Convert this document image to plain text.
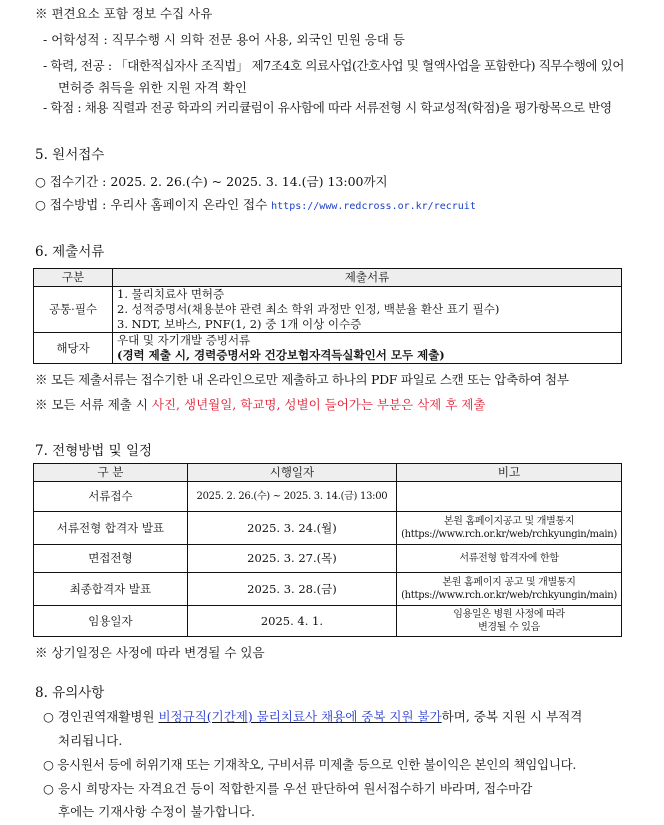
※ 편견요소 포함 정보 수집 사유
- 어학성적 : 직무수행 시 의학 전문 용어 사용, 외국인 민원 응대 등
- 학력, 전공 : 「대한적십자사 조직법」 제7조4호 의료사업(간호사업 및 혈액사업을 포함한다) 직무수행에 있어
면허증 취득을 위한 지원 자격 확인
- 학점 : 채용 직렬과 전공 학과의 커리큘럼이 유사함에 따라 서류전형 시 학교성적(학점)을 평가항목으로 반영
5. 원서접수
○ 접수기간 : 2025. 2. 26.(수) ~ 2025. 3. 14.(금) 13:00까지
○ 접수방법 : 우리사 홈페이지 온라인 접수 https://www.redcross.or.kr/recruit
6. 제출서류
구분	제출서류
공통·필수	1. 물리치료사 면허증
2. 성적증명서(채용분야 관련 최소 학위 과정만 인정, 백분율 환산 표기 필수)
3. NDT, 보바스, PNF(1, 2) 중 1개 이상 이수증

해당자	우대 및 자기개발 증빙서류
(경력 제출 시, 경력증명서와 건강보험자격득실확인서 모두 제출)
※ 모든 제출서류는 접수기한 내 온라인으로만 제출하고 하나의 PDF 파일로 스캔 또는 압축하여 첨부
※ 모든 서류 제출 시 사진, 생년월일, 학교명, 성별이 들어가는 부분은 삭제 후 제출
7. 전형방법 및 일정
구 분	시행일자	비고
서류접수	2025. 2. 26.(수) ~ 2025. 3. 14.(금) 13:00	
서류전형 합격자 발표	2025. 3. 24.(월)	본원 홈페이지공고 및 개별통지
(https://www.rch.or.kr/web/rchkyungin/main)

면접전형	2025. 3. 27.(목)	서류전형 합격자에 한함
최종합격자 발표	2025. 3. 28.(금)	본원 홈페이지 공고 및 개별통지
(https://www.rch.or.kr/web/rchkyungin/main)

임용일자	2025. 4. 1.	임용일은 병원 사정에 따라
변경될 수 있음
※ 상기일정은 사정에 따라 변경될 수 있음
8. 유의사항
○ 경인권역재활병원 비정규직(기간제) 물리치료사 채용에 중복 지원 불가하며, 중복 지원 시 부적격
처리됩니다.
○ 응시원서 등에 허위기재 또는 기재착오, 구비서류 미제출 등으로 인한 불이익은 본인의 책임입니다.
○ 응시 희망자는 자격요건 등이 적합한지를 우선 판단하여 원서접수하기 바라며, 접수마감
후에는 기재사항 수정이 불가합니다.
